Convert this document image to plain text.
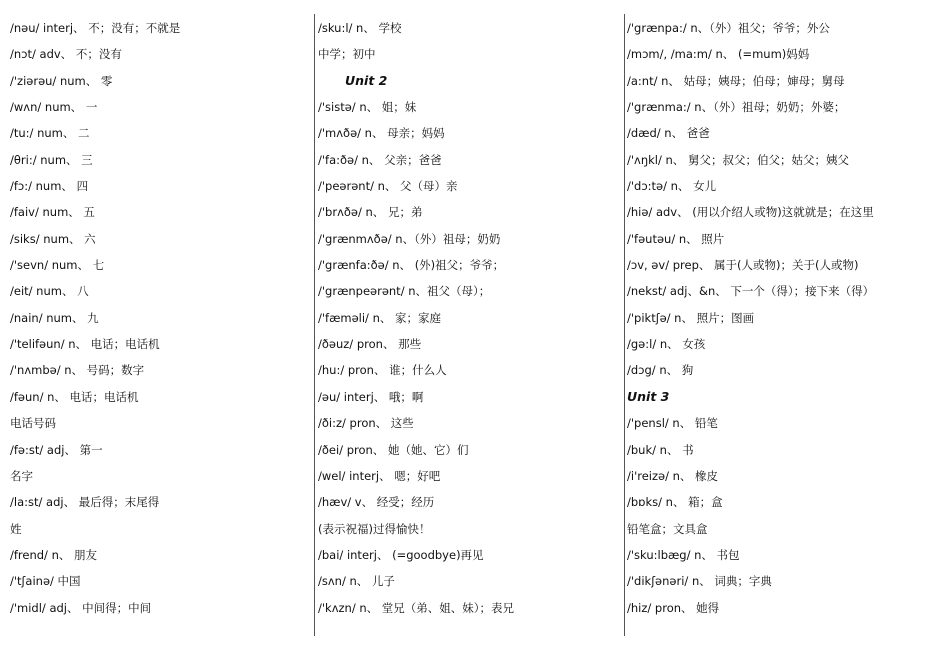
/nəu/ interj、 不；没有；不就是
/nɔt/ adv、 不；没有
/'ziərəu/ num、 零
/wʌn/ num、 一
/tu:/ num、 二
/θri:/ num、 三
/fɔ:/ num、 四
/faiv/ num、 五
/siks/ num、 六
/'sevn/ num、 七
/eit/ num、 八
/nain/ num、 九
/'telifəun/ n、 电话；电话机
/'nʌmbə/ n、 号码；数字
/fəun/ n、 电话；电话机
电话号码
/fə:st/ adj、 第一
名字
/la:st/ adj、 最后得；末尾得
姓
/frend/ n、 朋友
/'tʃainə/ 中国
/'midl/ adj、 中间得；中间
/sku:l/ n、 学校
中学；初中
Unit 2
/'sistə/ n、 姐；妹
/'mʌðə/ n、 母亲；妈妈
/'fa:ðə/ n、 父亲；爸爸
/'peərənt/ n、 父（母）亲
/'brʌðə/ n、 兄；弟
/'grænmʌðə/ n、（外）祖母；奶奶
/'grænfa:ðə/ n、 (外)祖父；爷爷；
/'grænpeərənt/ n、祖父（母）；
/'fæməli/ n、 家；家庭
/ðəuz/ pron、 那些
/hu:/ pron、 谁；什么人
/əu/ interj、 哦；啊
/ði:z/ pron、 这些
/ðei/ pron、 她（她、它）们
/wel/ interj、 嗯；好吧
/hæv/ v、 经受；经历
(表示祝福)过得愉快！
/bai/ interj、 (=goodbye)再见
/sʌn/ n、 儿子
/'kʌzn/ n、 堂兄（弟、姐、妹）；表兄
/'grænpa:/ n、（外）祖父；爷爷；外公
/mɔm/, /ma:m/ n、 (=mum)妈妈
/a:nt/ n、 姑母；姨母；伯母；婶母；舅母
/'grænma:/ n、（外）祖母；奶奶；外婆；
/dæd/ n、 爸爸
/'ʌŋkl/ n、 舅父；叔父；伯父；姑父；姨父
/'dɔ:tə/ n、 女儿
/hiə/ adv、 (用以介绍人或物)这就就是；在这里
/'fəutəu/ n、 照片
/ɔv, əv/ prep、 属于(人或物)；关于(人或物)
/nekst/ adj、&n、 下一个（得）；接下来（得）
/'piktʃə/ n、 照片；图画
/gə:l/ n、 女孩
/dɔg/ n、 狗
Unit 3
/'pensl/ n、 铅笔
/buk/ n、 书
/i'reizə/ n、 橡皮
/bɒks/ n、 箱；盒
铅笔盒；文具盒
/'sku:lbæg/ n、 书包
/'dikʃənəri/ n、 词典；字典
/hiz/ pron、 她得
